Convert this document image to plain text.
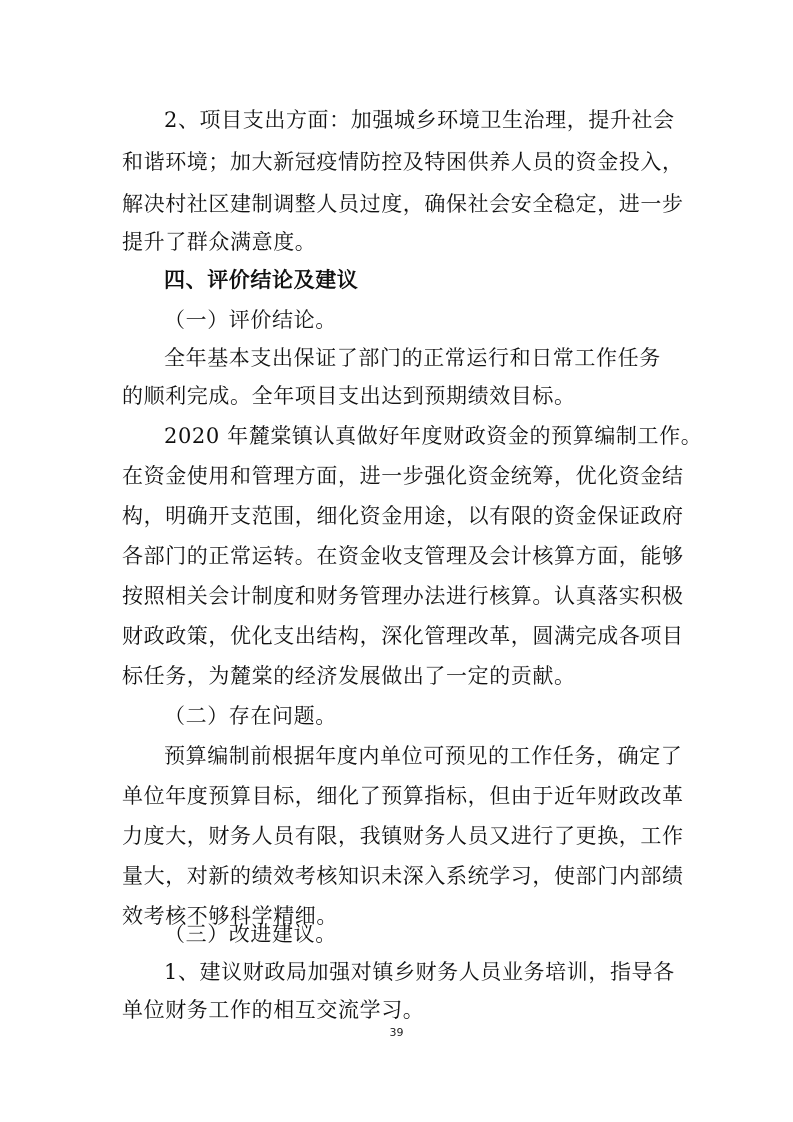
2、项目支出方面：加强城乡环境卫生治理，提升社会
和谐环境；加大新冠疫情防控及特困供养人员的资金投入，
解决村社区建制调整人员过度，确保社会安全稳定，进一步
提升了群众满意度。
四、评价结论及建议
（一）评价结论。
全年基本支出保证了部门的正常运行和日常工作任务
的顺利完成。全年项目支出达到预期绩效目标。
2020 年麓棠镇认真做好年度财政资金的预算编制工作。
在资金使用和管理方面，进一步强化资金统筹，优化资金结
构，明确开支范围，细化资金用途，以有限的资金保证政府
各部门的正常运转。在资金收支管理及会计核算方面，能够
按照相关会计制度和财务管理办法进行核算。认真落实积极
财政政策，优化支出结构，深化管理改革，圆满完成各项目
标任务，为麓棠的经济发展做出了一定的贡献。
（二）存在问题。
预算编制前根据年度内单位可预见的工作任务，确定了
单位年度预算目标，细化了预算指标，但由于近年财政改革
力度大，财务人员有限，我镇财务人员又进行了更换，工作
量大，对新的绩效考核知识未深入系统学习，使部门内部绩
效考核不够科学精细。
（三）改进建议。
1、建议财政局加强对镇乡财务人员业务培训，指导各
单位财务工作的相互交流学习。
39
